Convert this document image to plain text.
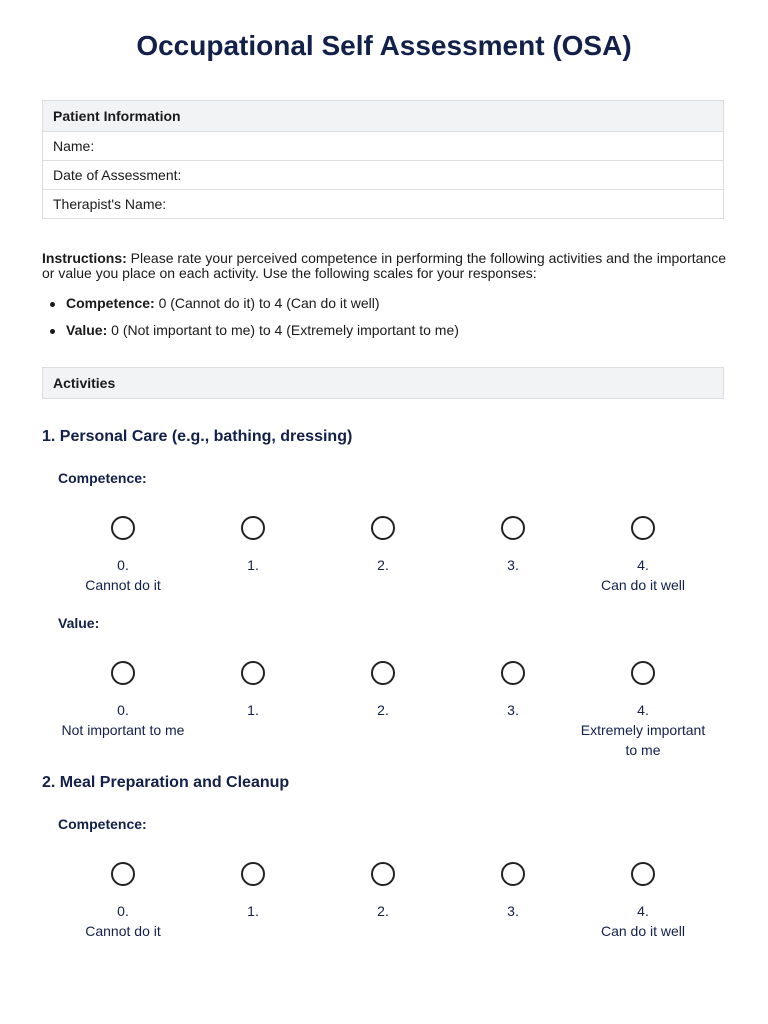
Occupational Self Assessment (OSA)
Patient Information
Name:
Date of Assessment:
Therapist's Name:

Instructions: Please rate your perceived competence in performing the following activities and the importance or value you place on each activity. Use the following scales for your responses:

Competence: 0 (Cannot do it) to 4 (Can do it well)
Value: 0 (Not important to me) to 4 (Extremely important to me)
Activities
1. Personal Care (e.g., bathing, dressing)
Competence:
0.
Cannot do it
1.	2.	3.	4.
Can do it well
Value:
0.
Not important to me
1.	2.	3.	4.
Extremely important to me
2. Meal Preparation and Cleanup
Competence:
0.
Cannot do it
1.	2.	3.	4.
Can do it well
